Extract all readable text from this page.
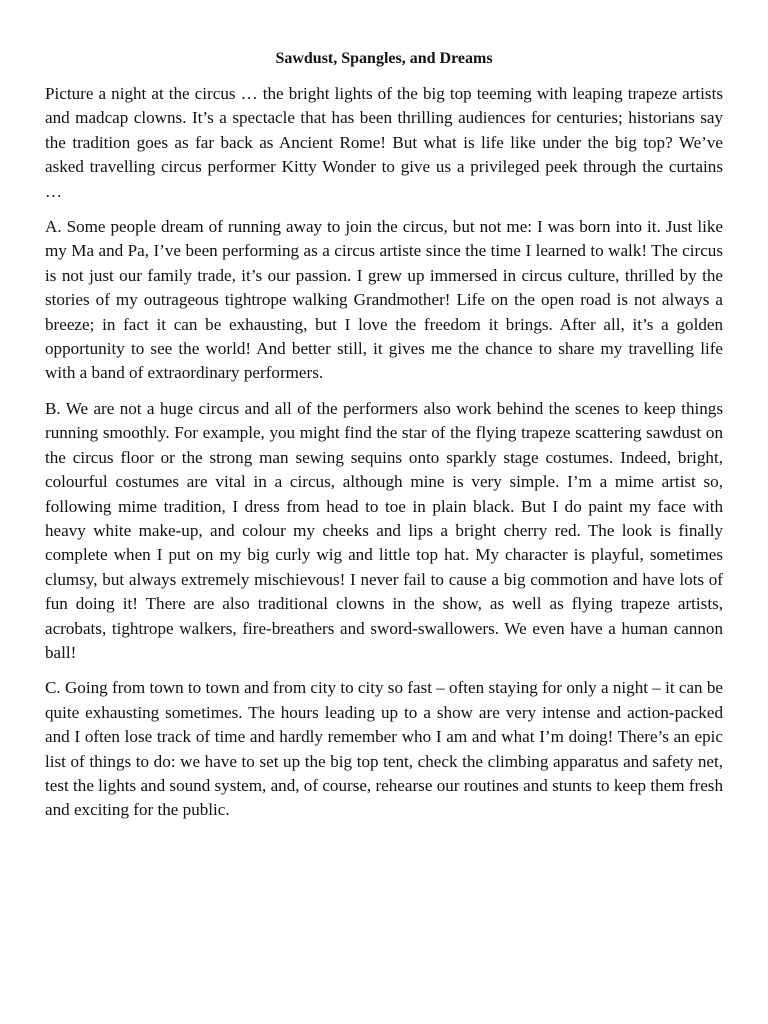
Sawdust, Spangles, and Dreams

Picture a night at the circus … the bright lights of the big top teeming with leaping trapeze artists and madcap clowns. It’s a spectacle that has been thrilling audiences for centuries; historians say the tradition goes as far back as Ancient Rome! But what is life like under the big top? We’ve asked travelling circus performer Kitty Wonder to give us a privileged peek through the curtains …

A. Some people dream of running away to join the circus, but not me: I was born into it. Just like my Ma and Pa, I’ve been performing as a circus artiste since the time I learned to walk! The circus is not just our family trade, it’s our passion. I grew up immersed in circus culture, thrilled by the stories of my outrageous tightrope walking Grandmother! Life on the open road is not always a breeze; in fact it can be exhausting, but I love the freedom it brings. After all, it’s a golden opportunity to see the world! And better still, it gives me the chance to share my travelling life with a band of extraordinary performers.

B. We are not a huge circus and all of the performers also work behind the scenes to keep things running smoothly. For example, you might find the star of the flying trapeze scattering sawdust on the circus floor or the strong man sewing sequins onto sparkly stage costumes. Indeed, bright, colourful costumes are vital in a circus, although mine is very simple. I’m a mime artist so, following mime tradition, I dress from head to toe in plain black. But I do paint my face with heavy white make-up, and colour my cheeks and lips a bright cherry red. The look is finally complete when I put on my big curly wig and little top hat. My character is playful, sometimes clumsy, but always extremely mischievous! I never fail to cause a big commotion and have lots of fun doing it! There are also traditional clowns in the show, as well as flying trapeze artists, acrobats, tightrope walkers, fire-breathers and sword-swallowers. We even have a human cannon ball!

C. Going from town to town and from city to city so fast – often staying for only a night – it can be quite exhausting sometimes. The hours leading up to a show are very intense and action-packed and I often lose track of time and hardly remember who I am and what I’m doing! There’s an epic list of things to do: we have to set up the big top tent, check the climbing apparatus and safety net, test the lights and sound system, and, of course, rehearse our routines and stunts to keep them fresh and exciting for the public.
